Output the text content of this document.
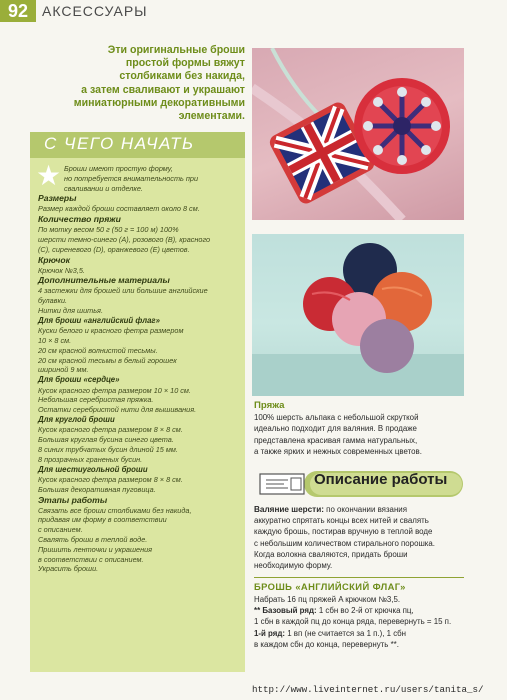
92 АКСЕССУАРЫ
Эти оригинальные броши
простой формы вяжут
столбиками без накида,
а затем сваливают и украшают
миниатюрными декоративными
элементами.
С ЧЕГО НАЧАТЬ
★ Броши имеют простую форму,
но потребуется внимательность при
сваливании и отделке.
Размеры
Размер каждой броши составляет около 8 см.
Количество пряжи
По мотку весом 50 г (50 г = 100 м) 100%
шерсти темно-синего (A), розового (B), красного
(C), сиреневого (D), оранжевого (E) цветов.
Крючок
Крючок №3,5.
Дополнительные материалы
4 застежки для брошей или большие английские
булавки.
Нитки для шитья.
Для броши «английский флаг»
Куски белого и красного фетра размером
10 × 8 см.
20 см красной волнистой тесьмы.
20 см красной тесьмы в белый горошек
шириной 9 мм.
Для броши «сердце»
Кусок красного фетра размером 10 × 10 см.
Небольшая серебристая пряжка.
Остатки серебристой нити для вышивания.
Для круглой броши
Кусок красного фетра размером 8 × 8 см.
Большая круглая бусина синего цвета.
8 синих трубчатых бусин длиной 15 мм.
8 прозрачных граненых бусин.
Для шестиугольной броши
Кусок красного фетра размером 8 × 8 см.
Большая декоративная пуговица.
Этапы работы
Связать все броши столбиками без накида,
придавая им форму в соответствии
с описанием.
Свалять броши в теплой воде.
Пришить ленточки и украшения
в соответствии с описанием.
Украсить броши.
Пряжа
100% шерсть альпака с небольшой скруткой
идеально подходит для валяния. В продаже
представлена красивая гамма натуральных,
а также ярких и нежных современных цветов.
Описание работы
Валяние шерсти: по окончании вязания
аккуратно спрятать концы всех нитей и свалять
каждую брошь, постирав вручную в теплой воде
с небольшим количеством стирального порошка.
Когда волокна сваляются, придать броши
необходимую форму.
БРОШЬ «АНГЛИЙСКИЙ ФЛАГ»
Набрать 16 пц пряжей A крючком №3,5.
** Базовый ряд: 1 сбн во 2-й от крючка пц,
1 сбн в каждой пц до конца ряда, перевернуть = 15 п.
1-й ряд: 1 вп (не считается за 1 п.), 1 сбн
в каждом сбн до конца, перевернуть **.
http://www.liveinternet.ru/users/tanita_s/
